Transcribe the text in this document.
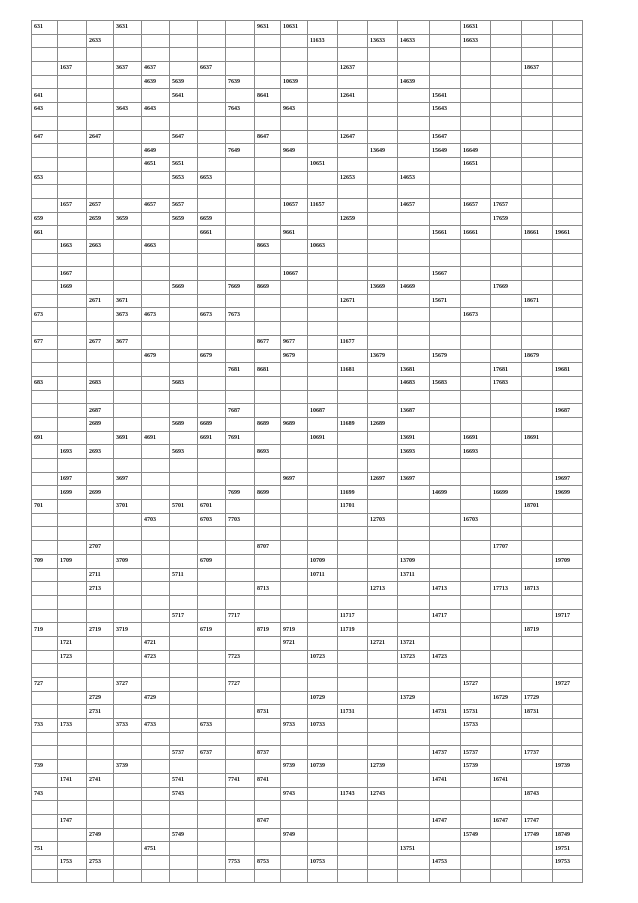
631			3631					9631	10631						16631			
		2633								11633		13633	14633		16633			

	1637		3637	4637		6637					12637						18637	
				4639	5639		7639		10639				14639					
641					5641			8641			12641			15641				
643			3643	4643			7643		9643					15643				

647		2647			5647			8647			12647			15647				
				4649			7649		9649			13649		15649	16649			
				4651	5651					10651					16651			
653					5653	6653					12653		14653					

	1657	2657		4657	5657				10657	11657			14657		16657	17657		
659		2659	3659		5659	6659					12659					17659		
661						6661			9661					15661	16661		18661	19661
	1663	2663		4663				8663		10663								

	1667								10667					15667				
	1669				5669		7669	8669				13669	14669			17669		
		2671	3671								12671			15671			18671	
673			3673	4673		6673	7673								16673			

677		2677	3677					8677	9677		11677							
				4679		6679			9679			13679		15679			18679	
							7681	8681			11681		13681			17681		19681
683		2683			5683								14683	15683		17683		

		2687					7687			10687			13687					19687
		2689			5689	6689		8689	9689		11689	12689						
691			3691	4691		6691	7691			10691			13691		16691		18691	
	1693	2693			5693			8693					13693		16693			

	1697		3697						9697			12697	13697					19697
	1699	2699					7699	8699			11699			14699		16699		19699
701			3701		5701	6701					11701						18701	
				4703		6703	7703					12703			16703			

		2707						8707								17707		
709	1709		3709			6709				10709			13709					19709
		2711			5711					10711			13711					
		2713						8713				12713		14713		17713	18713	

					5717		7717				11717			14717				19717
719		2719	3719			6719		8719	9719		11719						18719	
	1721			4721					9721			12721	13721					
	1723			4723			7723			10723			13723	14723				

727			3727				7727								15727			19727
		2729		4729						10729			13729			16729	17729	
		2731						8731			11731			14731	15731		18731	
733	1733		3733	4733		6733			9733	10733					15733			

					5737	6737		8737						14737	15737		17737	
739			3739						9739	10739		12739			15739			19739
	1741	2741			5741		7741	8741						14741		16741		
743					5743				9743		11743	12743					18743	

	1747							8747						14747		16747	17747	
		2749			5749				9749						15749		17749	18749
751				4751									13751					19751
	1753	2753					7753	8753		10753				14753				19753
